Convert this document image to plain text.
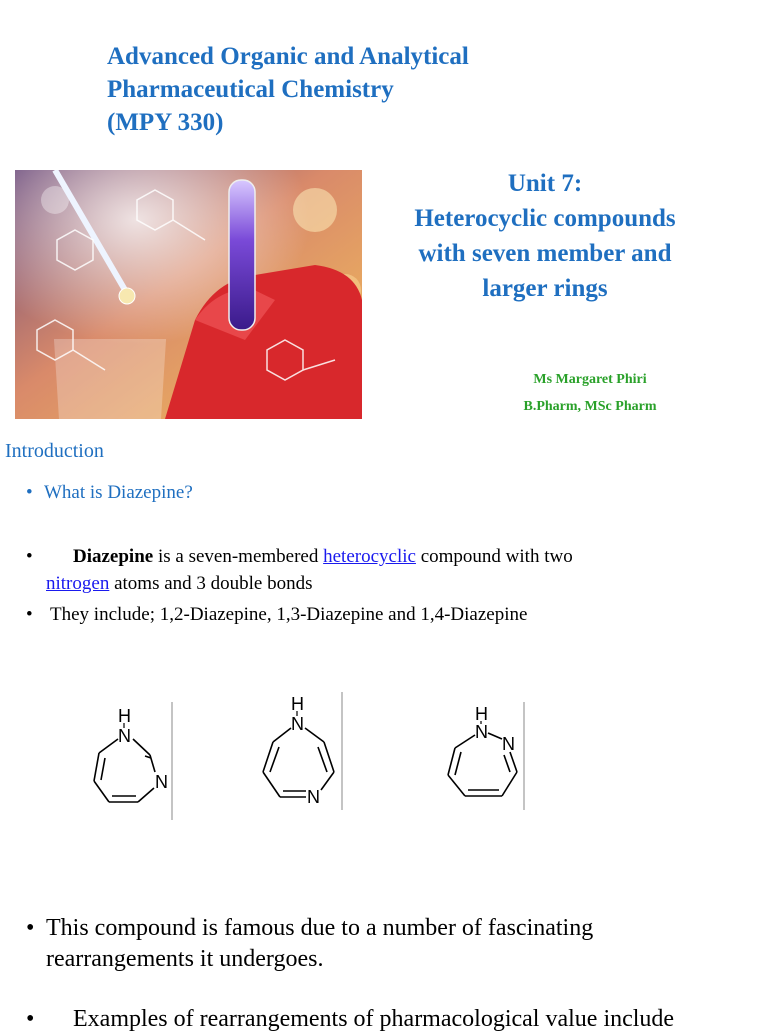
Advanced Organic and Analytical
Pharmaceutical Chemistry
(MPY 330)
Unit 7:
Heterocyclic compounds
with seven member and
larger rings
Ms Margaret Phiri
B.Pharm, MSc Pharm
Introduction
• What is Diazepine?
• Diazepine is a seven-membered heterocyclic compound with two
nitrogen atoms and 3 double bonds
• They include; 1,2-Diazepine, 1,3-Diazepine and 1,4-Diazepine
H
N
N
H
N
N
H
N
N
• This compound is famous due to a number of fascinating
rearrangements it undergoes.
• Examples of rearrangements of pharmacological value include
